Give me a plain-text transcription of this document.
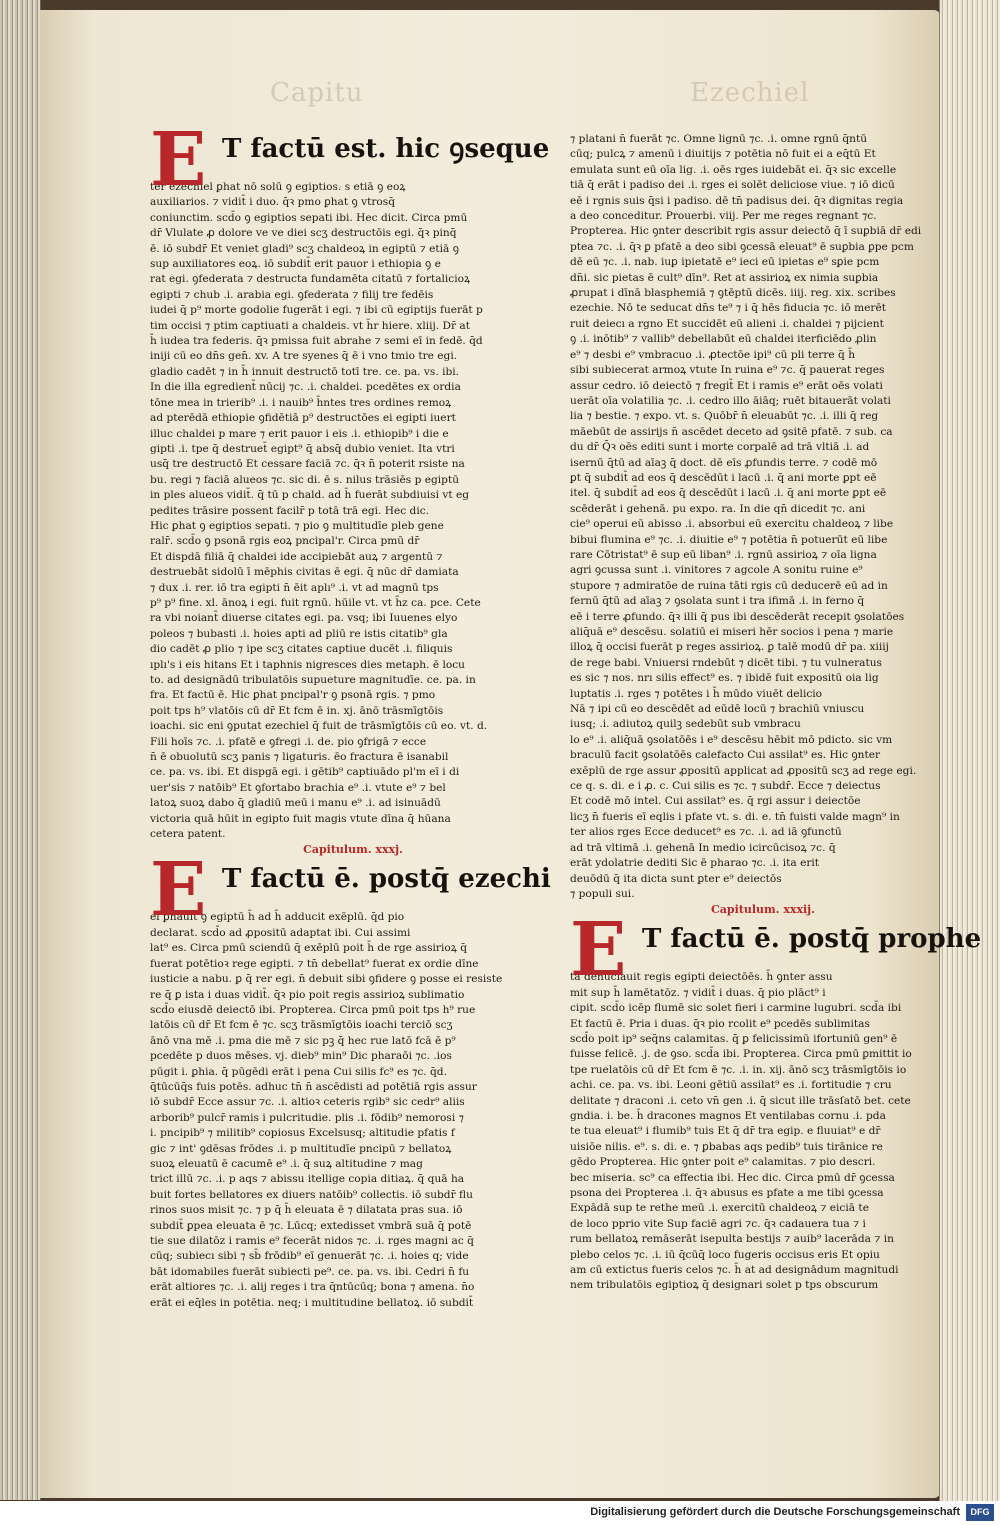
Capitu	Ezechiel
E T factū est. hic ꝯseque
ter ezechiel ꝑhat nō solū ꝯ egiptios. s etiā ꝯ eoꝝ
auxiliarios. ⁊ vidit̄ i duo. q̄ꝛ pmo ꝑhat ꝯ vtrosq̄
coniunctim. scd̄o ꝯ egiptios sepati ibi. Hec dicit. Circa pmū
dr̄ Vlulate ꝓ dolore ve ve diei scʒ destructōis egi. q̄ꝛ pinq̄
ē. iō subdr̄ Et veniet gladi⁹ scʒ chaldeoꝝ in egiptū ⁊ etiā ꝯ
sup auxiliatores eoꝝ. iō subdit̄ erit pauor i ethiopia ꝯ e
rat egi. ꝯfederata ⁊ destructa fundamēta citatū ⁊ fortalicioꝝ
egipti ⁊ chub .i. arabia egi. ꝯfederata ⁊ filij tre fedēis
iudei q̄ p⁹ morte godolie fugerāt i egi. ⁊ ibi cū egiptijs fuerāt p
tim occisi ⁊ ptim captiuati a chaldeis. vt h̄r hiere. xliij. Dr̄ at
h̄ iudea tra federis. q̄ꝛ pmissa fuit abrahe ⁊ semi eī in fedē. q̄d
iniji cū eo dn̄s gen̄. xv. A tre syenes q̄ ē i vno tmio tre egi.
gladio cadēt ⁊ in h̄ innuit destructō totī tre. ce. pa. vs. ibi.
In die illa egredient̄ nūcij ⁊c. .i. chaldei. pcedētes ex ordia
tōne mea in trierib⁹ .i. i nauib⁹ h̄ntes tres ordines remoꝝ
ad pterēdā ethiopie ꝯfidētiā p⁹ destructōes ei egipti iuert
illuc chaldei p mare ⁊ erit pauor i eis .i. ethiopib⁹ i die e
gipti .i. tpe q̄ destruet̄ egipt⁹ q̄ absq̄ dubio veniet. Ita vtri
usq̄ tre destructō Et cessare faciā ⁊c. q̄ꝛ n̄ poterit rsiste na
bu. regi ⁊ faciā alueos ⁊c. sic di. ē s. nilus trāsiēs p egiptū
in ples alueos vidit̄. q̄ tū p chald. ad h̄ fuerāt subdiuisi vt eg
pedites trāsire possent facilr̄ p totā trā egi. Hec dic.
Hic ꝑhat ꝯ egiptios sepati. ⁊ pio ꝯ multitudīe pleb gene
ralr̄. scd̄o ꝯ psonā rgis eoꝝ pncipal'r. Circa pmū dr̄
Et dispdā filiā q̄ chaldei ide accipiebāt auꝝ ⁊ argentū ⁊
destruebāt sidolū ī mēphis civitas ē egi. q̄ nūc dr̄ damiata
⁊ dux .i. rer. iō tra egipti n̄ ēit aplı⁹ .i. vt ad magnū tps
p⁹ p⁹ fine. xl. ānoꝝ i egi. fuit rgnū. hūile vt. vt h̄z ca. pce. Cete
ra vbi noiant̄ diuerse citates egi. pa. vsq; ibi Iuuenes elyo
poleos ⁊ bubasti .i. hoies apti ad pliū re istis citatib⁹ gla
dio cadēt ꝓ plio ⁊ ipe scʒ citates captiue ducēt .i. filiquis
ıplı's i eis hitans Et i taphnis nigresces dies metaph. ē locu
to. ad designādū tribulatōis supueture magnitudīe. ce. pa. in
fra. Et factū ē. Hic ꝑhat pncipal'r ꝯ psonā rgis. ⁊ pmo
poit tps h⁹ vlatōis cū dr̄ Et fcm ē in. xj. ānō trāsmīgtōis
ioachi. sic eni ꝯputat ezechiel q̄ fuit de trāsmīgtōis cū eo. vt. d.
Fili hoīs ⁊c. .i. pfatē e ꝯfregi .i. de. pio ꝯfrigā ⁊ ecce
n̄ ē obuolutū scʒ panis ⁊ ligaturis. ēo fractura ē isanabil
ce. pa. vs. ibi. Et dispgā egi. i gētib⁹ captiuādo pl'm eī i di
uer'sis ⁊ natōib⁹ Et ꝯfortabo brachia e⁹ .i. vtute e⁹ ⁊ bel
latoꝝ suoꝝ dabo q̄ gladiū meū i manu e⁹ .i. ad isinuādū
victoria quā hūit in egipto fuit magis vtute dīna q̄ hūana
cetera patent.
Capitulum. xxxj.
E T factū ē. postq̄ ezechi
el ꝑhauit ꝯ egiptū h̄ ad h̄ adducit exēplū. q̄d pio
declarat. scd̄o ad ꝓpositū adaptat ibi. Cui assimi
lat⁹ es. Circa pmū sciendū q̄ exēplū poit h̄ de rge assirioꝝ q̄
fuerat potētioꝛ rege egipti. ⁊ tn̄ debellat⁹ fuerat ex ordie dīne
iusticie a nabu. ꝑ q̄ rer egi. n̄ debuit sibi ꝯfidere ꝯ posse ei resiste
re q̄ ꝑ ista i duas vidit̄. q̄ꝛ pio poit regis assirioꝝ sublimatio
scd̄o eiusdē deiectō ibi. Propterea. Circa pmū poit tps h⁹ rue
latōis cū dr̄ Et fcm ē ⁊c. scʒ trāsmīgtōis ioachi terciō scʒ
ānō vna mē .i. pma die mē ⁊ sic pꝫ q̄ hec rue latō fcā ē p⁹
pcedēte p duos mēses. vj. dieb⁹ min⁹ Dic pharaōi ⁊c. .ios
pūgit i. ꝑhia. q̄ pūgēdi erāt i pena Cui silis fc⁹ es ⁊c. q̄d.
q̄tūcūq̄s fuis potēs. adhuc tn̄ n̄ ascēdisti ad potētiā rgis assur
iō subdr̄ Ecce assur ⁊c. .i. altioꝛ ceteris rgib⁹ sic cedr⁹ aliis
arborib⁹ pulcr̄ ramis i pulcritudie. plis .i. fōdib⁹ nemorosi ⁊
i. pncipib⁹ ⁊ militib⁹ copiosus Excelsusq; altitudie pfatis f
gic ⁊ int' ꝯdēsas frōdes .i. p multitudīe pncipū ⁊ bellatoꝝ
suoꝝ eleuatū ē cacumē e⁹ .i. q̄ suꝝ altitudine ⁊ mag
trict illū ⁊c. .i. p aqs ⁊ abissu itellige copia ditiaꝝ. q̄ quā ha
buit fortes bellatores ex diuers natōib⁹ collectis. iō subdr̄ flu
rinos suos misit ⁊c. ⁊ p q̄ h̄ eleuata ē ⁊ dilatata pras sua. iō
subdit̄ ꝑpea eleuata ē ⁊c. Lūcq; extedisset vmbrā suā q̄ potē
tie sue dilatōz i ramis e⁹ fecerāt nidos ⁊c. .i. rges magni ac q̄
cūq; subiecı sibi ⁊ sb̄ frōdib⁹ eī genuerāt ⁊c. .i. hoies q; vide
bāt idomabiles fuerāt subiecti pe⁹. ce. pa. vs. ibi. Cedri n̄ fu
erāt altiores ⁊c. .i. alij reges i tra q̄ntūcūq; bona ⁊ amena. n̄o
erāt ei eq̄les in potētia. neq; i multitudine bellatoꝝ. iō subdit̄
⁊ platani n̄ fuerāt ⁊c. Omne lignū ⁊c. .i. omne rgnū q̄ntū
cūq; pulcꝝ ⁊ amenū i diuitijs ⁊ potētia nō fuit ei a eq̄tū Et
emulata sunt eū oīa lig. .i. oēs rges iuidebāt ei. q̄ꝛ sic excelle
tiā q̄ erāt i padiso dei .i. rges ei solēt deliciose viue. ⁊ iō dicū
eē i rgnis suis q̄si i padiso. dē tn̄ padisus dei. q̄ꝛ dignitas regia
a deo conceditur. Prouerbi. viij. Per me reges regnant ⁊c.
Propterea. Hic ꝯnter describit rgis assur deiectō q̄ ī suꝑbiā dr̄ edi
ptea ⁊c. .i. q̄ꝛ ꝑ pfatē a deo sibi ꝯcessā eleuat⁹ ē suꝑbia ꝑpe pcm
dē eū ⁊c. .i. nab. iuꝑ ipietatē e⁹ ieci eū ipietas e⁹ sꝑie pcm
dn̄i. sic pietas ē cult⁹ dīn⁹. Ret at assirioꝝ ex nimia suꝑbia
ꝓrupat i dīnā blasphemiā ⁊ ꝯtēptū dicēs. iiij. reg. xix. scribes
ezechie. Nō te seducat dn̄s te⁹ ⁊ i q̄ hēs fiducia ⁊c. iō merēt
ruit deiecı a rgno Et succidēt eū alieni .i. chaldei ⁊ pijcient
ꝯ .i. inōtib⁹ ⁊ vallib⁹ debellabūt eū chaldei iterficiēdo ꝓlin
e⁹ ⁊ desbi e⁹ vmbracuo .i. ꝓtectōe ipi⁹ cū pli terre q̄ h̄
sibi subiecerat armoꝝ vtute In ruina e⁹ ⁊c. q̄ pauerat reges
assur cedro. iō deiectō ⁊ fregit̄ Et i ramis e⁹ erāt oēs volati
uerāt oīa volatilia ⁊c. .i. cedro illo āiāq; ruēt bitauerāt volati
lia ⁊ bestie. ⁊ expo. vt. s. Quōbr̄ n̄ eleuabūt ⁊c. .i. illi q̄ reg
māebūt de assirijs n̄ ascēdet deceto ad ꝯsitē pfatē. ⁊ sub. ca
du dr̄ Q̄ꝛ oēs editi sunt i morte corpalē ad trā vltiā .i. ad
isernū q̄tū ad aīaꝫ q̄ doct. dē eīs ꝓfundis terre. ⁊ codē mō
ꝑt q̄ subdit̄ ad eos q̄ descēdūt i lacū .i. q̄ ani morte ꝑpt eē
itel. q̄ subdit̄ ad eos q̄ descēdūt i lacū .i. q̄ ani morte ꝑpt eē
scēderāt i gehenā. pu expo. ra. In die qn̄ dicedit ⁊c. ani
cie⁹ operui eū abisso .i. absorbui eū exercitu chaldeoꝝ ⁊ libe
bibui flumina e⁹ ⁊c. .i. diuitie e⁹ ⁊ potētia n̄ potuerūt eū libe
rare Cōtristat⁹ ē sup eū liban⁹ .i. rgnū assirioꝝ ⁊ oīa ligna
agri ꝯcussa sunt .i. vinitores ⁊ agcole A sonitu ruine e⁹
stupore ⁊ admiratōe de ruina tāti rgis cū deducerē eū ad in
fernū q̄tū ad aīaꝫ ⁊ ꝯsolata sunt i tra ifimā .i. in ferno q̄
eē i terre ꝓfundo. q̄ꝛ illi q̄ pus ibi descēderāt recepit ꝯsolatōes
aliq̄uā e⁹ descēsu. solatiū ei miseri hēr socios i pena ⁊ marie
illoꝝ q̄ occisi fuerāt p reges assirioꝝ. ꝑ talē modū dr̄ pa. xiiij
de rege babi. Vniuersi rndebūt ⁊ dicēt tibi. ⁊ tu vulneratus
es sic ⁊ nos. nrı silis effect⁹ es. ⁊ ibidē fuit expositū oia lig
luptatis .i. rges ⁊ potētes i h̄ mūdo viuēt delicio
Nā ⁊ ipi cū eo descēdēt ad eūdē locū ⁊ brachiū vniuscu
iusq; .i. adiutoꝝ quilꝫ sedebūt sub vmbracu
lo e⁹ .i. aliq̄uā ꝯsolatōēs i e⁹ descēsu hēbit mō pdicto. sic vm
braculū facit ꝯsolatōēs calefacto Cui assilat⁹ es. Hic ꝯnter
exēplū de rge assur ꝓpositū applicat ad ꝓpositū scʒ ad rege egi.
ce q. s. di. e i ꝓ. c. Cui silis es ⁊c. ⁊ subdr̄. Ecce ⁊ deiectus
Et codē mō intel. Cui assilat⁹ es. q̄ rgi assur i deiectōe
licʒ n̄ fueris eī eqlis i pfate vt. s. di. e. tn̄ fuisti valde magn⁹ in
ter alios rges Ecce deducet⁹ es ⁊c. .i. ad iā ꝯfunctū
ad trā vltimā .i. gehenā In medio icircūcisoꝝ ⁊c. q̄
erāt ydolatrie dediti Sic ē pharao ⁊c. .i. ita erit
deuōdū q̄ ita dicta sunt ꝑter e⁹ deiectōs
⁊ populi sui.
Capitulum. xxxij.
E T factū ē. postq̄ prophe
ta denūciauit regis egipti deiectōēs. h̄ ꝯnter assu
mit sup h̄ lamētatōz. ⁊ vidit̄ i duas. q̄ pio plāct⁹ i
cipit. scd̄o icēp flumē sic solet fieri i carmine lugubri. scd̄a ibi
Et factū ē. Pria i duas. q̄ꝛ pio rcolit e⁹ pcedēs sublimitas
scd̄o poit ip⁹ seq̄ns calamitas. q̄ ꝑ felicissimū ifortuniū gen⁹ ē
fuisse felicē. .j. de ꝯso. scd̄a ibi. Propterea. Circa pmū ꝑmittit io
tpe ruelatōis cū dr̄ Et fcm ē ⁊c. .i. in. xij. ānō scʒ trāsmīgtōis io
achi. ce. pa. vs. ibi. Leoni gētiū assilat⁹ es .i. fortitudie ⁊ cru
delitate ⁊ draconi .i. ceto vn̄ gen .i. q̄ sicut ille trāsſatō bet. cete
gndia. i. be. h̄ dracones magnos Et ventilabas cornu .i. pda
te tua eleuat⁹ i flumib⁹ tuis Et q̄ dr̄ tra egip. e fluuiat⁹ e dr̄
uisiōe nilis. e⁹. s. di. e. ⁊ ꝑbabas aqs pedib⁹ tuis tirānice re
gēdo Propterea. Hic ꝯnter poit e⁹ calamitas. ⁊ pio descri.
bec miseria. sc⁹ ca effectia ibi. Hec dic. Circa pmū dr̄ ꝯcessa
psona dei Propterea .i. q̄ꝛ abusus es pfate a me tibi ꝯcessa
Expādā sup te rethe meū .i. exercitū chaldeoꝝ ⁊ eiciā te
de loco pprio vite Sup faciē agri ⁊c. q̄ꝛ cadauera tua ⁊ i
rum bellatoꝝ remāserāt isepulta bestijs ⁊ auib⁹ lacerāda ⁊ in
plebo celos ⁊c. .i. iū q̄cūq̄ loco fugeris occisus eris Et opiu
am cū extictus fueris celos ⁊c. h̄ at ad designādum magnitudi
nem tribulatōis egiptioꝝ q̄ designari solet p tps obscurum
Digitalisierung gefördert durch die Deutsche Forschungsgemeinschaft	DFG
